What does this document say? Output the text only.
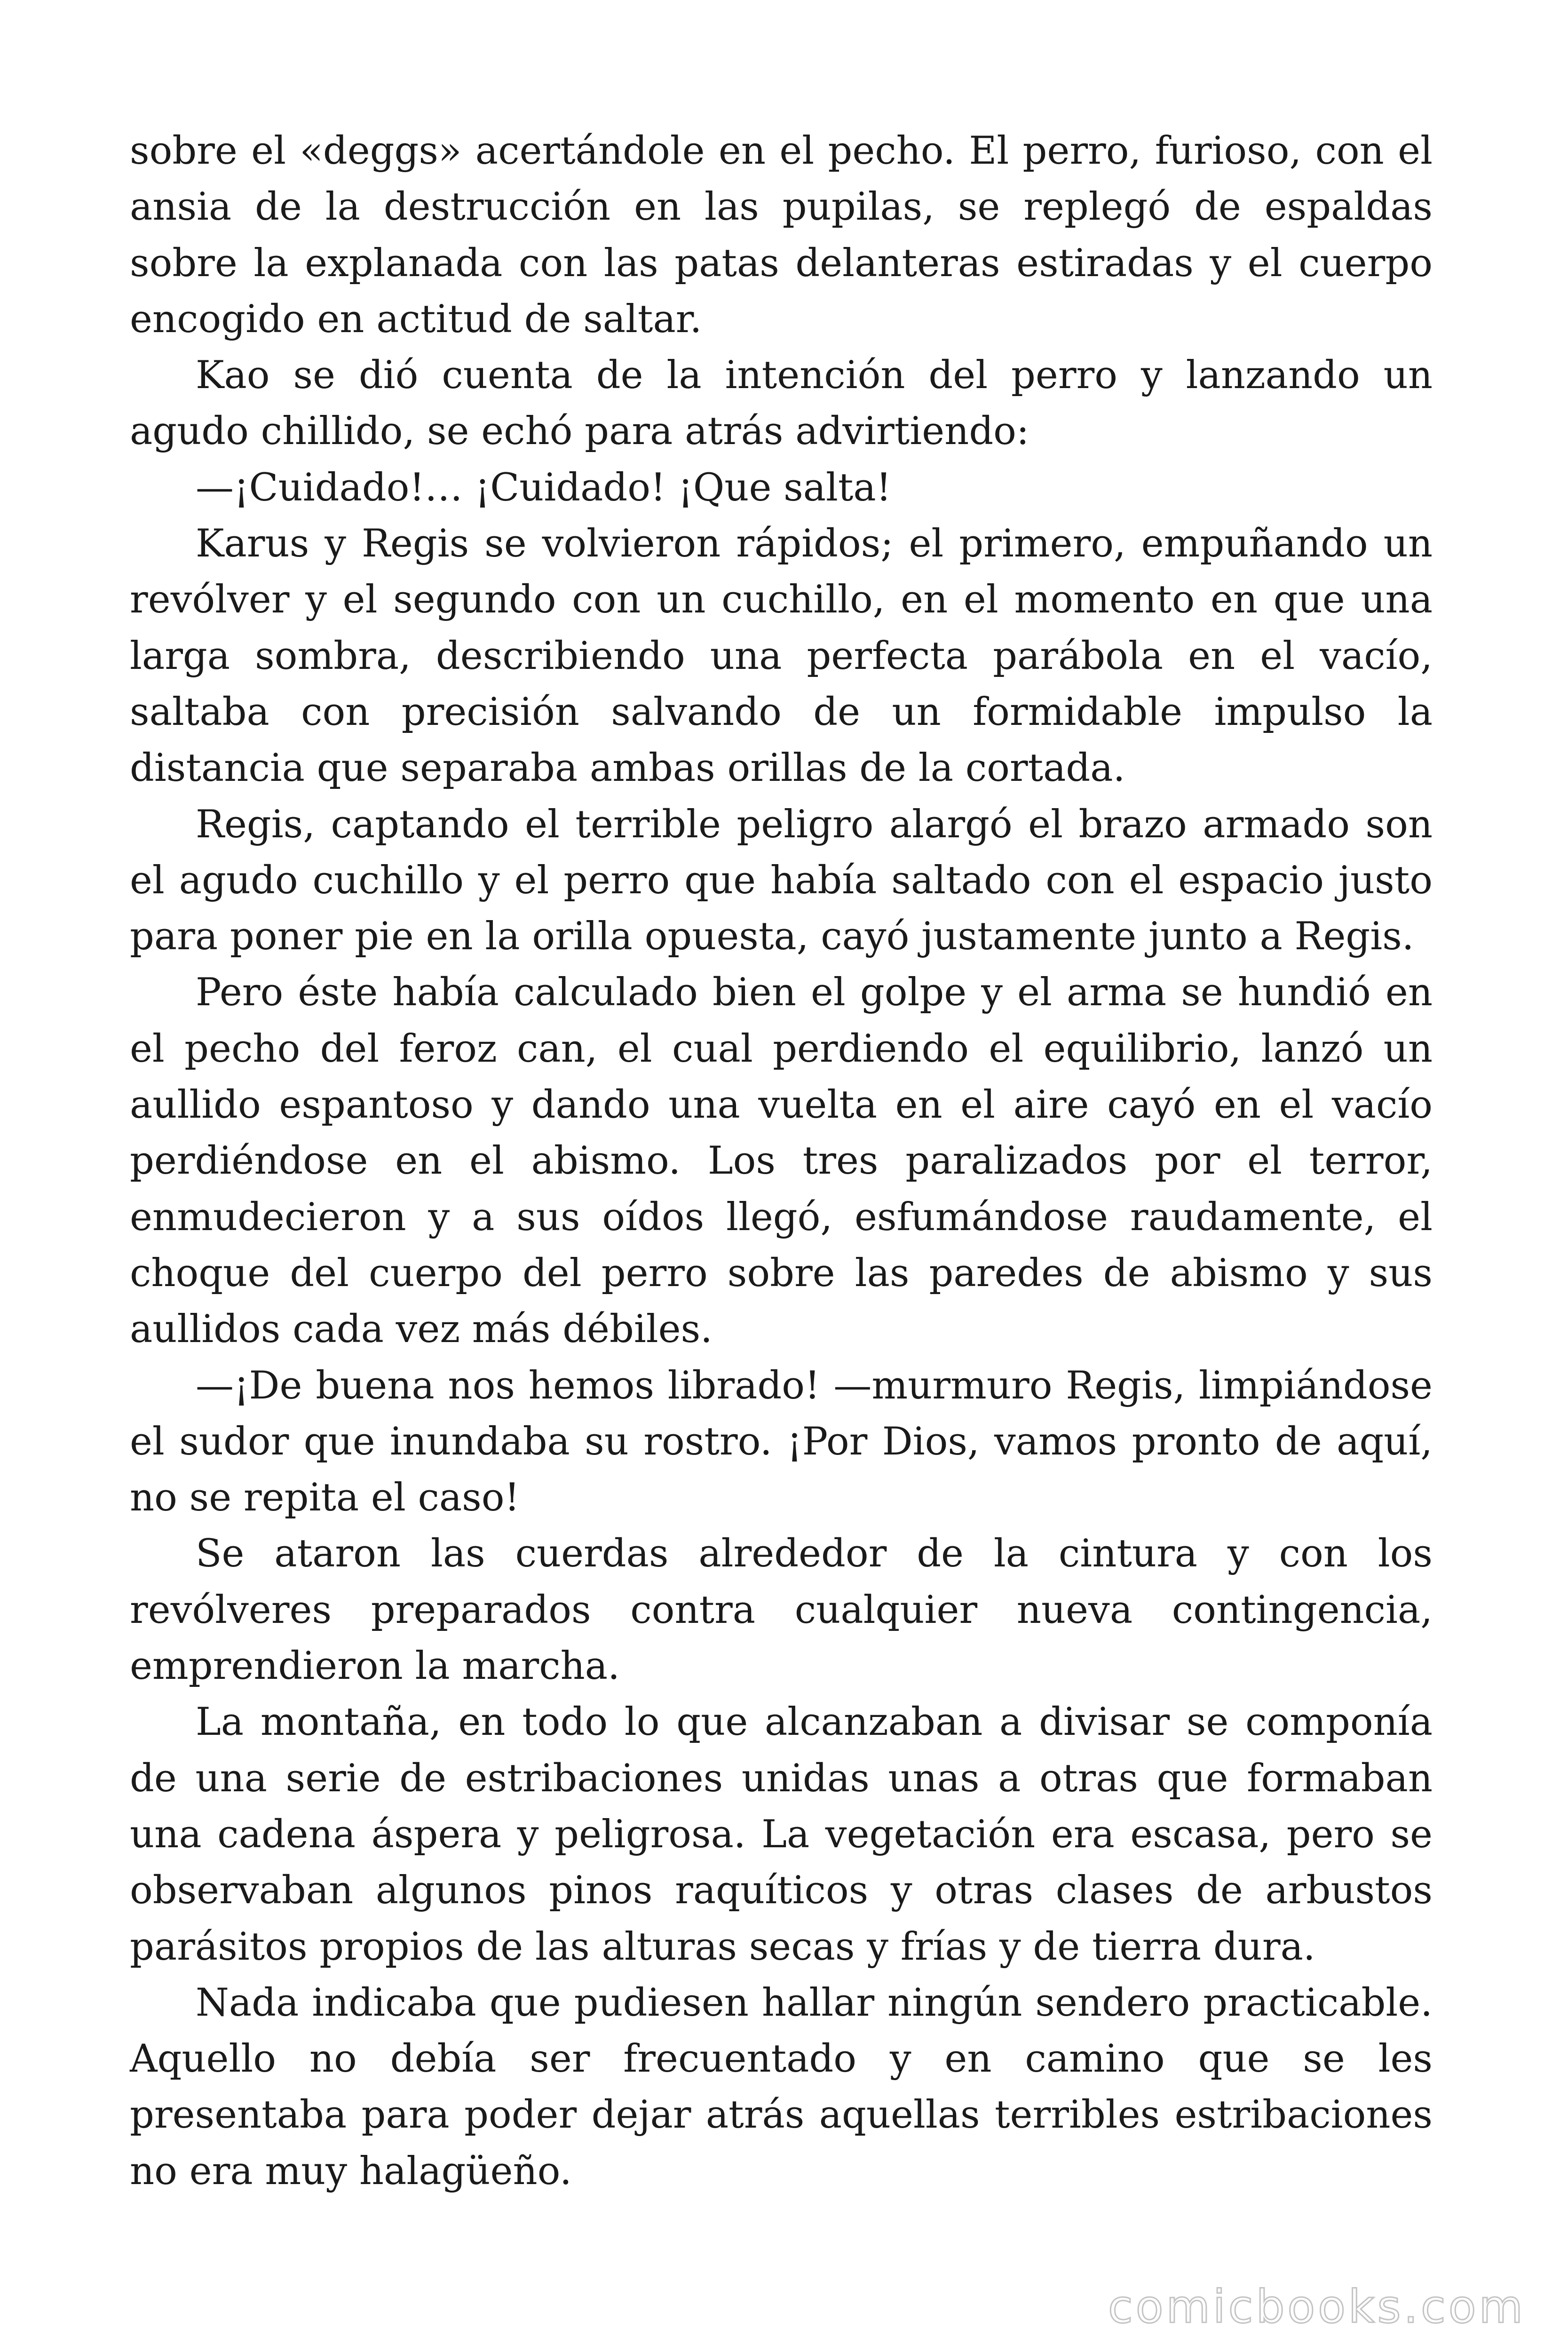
sobre el «deggs» acertándole en el pecho. El perro, furioso, con el ansia de la destrucción en las pupilas, se replegó de espaldas sobre la explanada con las patas delanteras estiradas y el cuerpo encogido en actitud de saltar.

Kao se dió cuenta de la intención del perro y lanzando un agudo chillido, se echó para atrás advirtiendo:

—¡Cuidado!… ¡Cuidado! ¡Que salta!

Karus y Regis se volvieron rápidos; el primero, empuñando un revólver y el segundo con un cuchillo, en el momento en que una larga sombra, describiendo una perfecta parábola en el vacío, saltaba con precisión salvando de un formidable impulso la distancia que separaba ambas orillas de la cortada.

Regis, captando el terrible peligro alargó el brazo armado son el agudo cuchillo y el perro que había saltado con el espacio justo para poner pie en la orilla opuesta, cayó justamente junto a Regis.

Pero éste había calculado bien el golpe y el arma se hundió en el pecho del feroz can, el cual perdiendo el equilibrio, lanzó un aullido espantoso y dando una vuelta en el aire cayó en el vacío perdiéndose en el abismo. Los tres paralizados por el terror, enmudecieron y a sus oídos llegó, esfumándose raudamente, el choque del cuerpo del perro sobre las paredes de abismo y sus aullidos cada vez más débiles.

—¡De buena nos hemos librado! —murmuro Regis, limpiándose el sudor que inundaba su rostro. ¡Por Dios, vamos pronto de aquí, no se repita el caso!

Se ataron las cuerdas alrededor de la cintura y con los revólveres preparados contra cualquier nueva contingencia, emprendieron la marcha.

La montaña, en todo lo que alcanzaban a divisar se componía de una serie de estribaciones unidas unas a otras que formaban una cadena áspera y peligrosa. La vegetación era escasa, pero se observaban algunos pinos raquíticos y otras clases de arbustos parásitos propios de las alturas secas y frías y de tierra dura.

Nada indicaba que pudiesen hallar ningún sendero practicable. Aquello no debía ser frecuentado y en camino que se les presentaba para poder dejar atrás aquellas terribles estribaciones no era muy halagüeño.

comicbooks.com
